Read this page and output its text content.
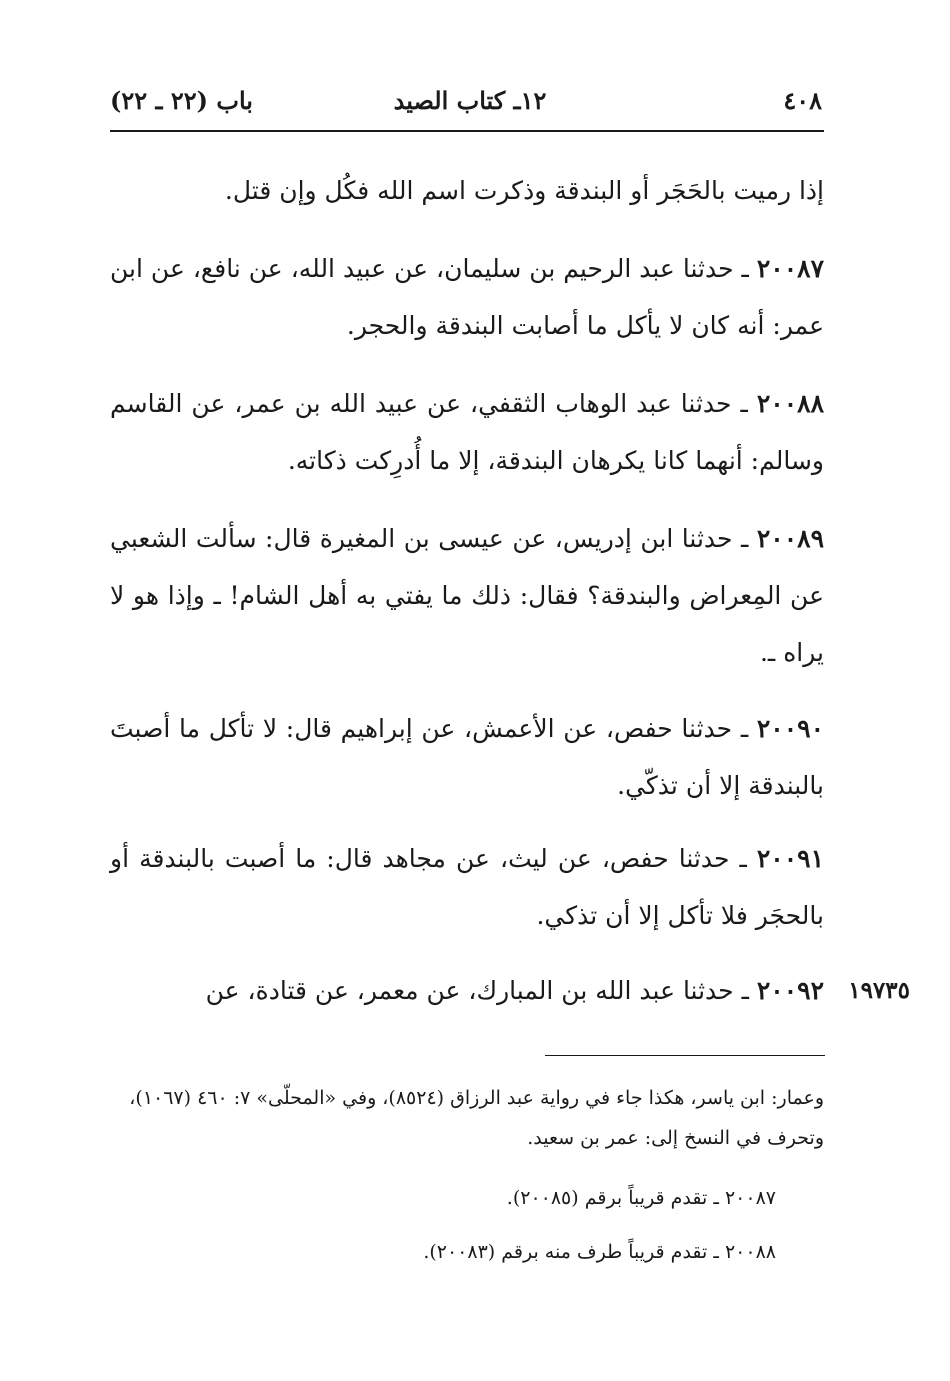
٤٠٨
١٢ـ كتاب الصيد
باب (٢٢ ـ ٢٢)
إذا رميت بالحَجَر أو البندقة وذكرت اسم الله فكُل وإن قتل.
٢٠٠٨٧ ـ حدثنا عبد الرحيم بن سليمان، عن عبيد الله، عن نافع، عن ابن عمر: أنه كان لا يأكل ما أصابت البندقة والحجر.
٢٠٠٨٨ ـ حدثنا عبد الوهاب الثقفي، عن عبيد الله بن عمر، عن القاسم وسالم: أنهما كانا يكرهان البندقة، إلا ما أُدرِكت ذكاته.
٢٠٠٨٩ ـ حدثنا ابن إدريس، عن عيسى بن المغيرة قال: سألت الشعبي عن المِعراض والبندقة؟ فقال: ذلك ما يفتي به أهل الشام! ـ وإذا هو لا يراه ـ.
٢٠٠٩٠ ـ حدثنا حفص، عن الأعمش، عن إبراهيم قال: لا تأكل ما أصبتَ بالبندقة إلا أن تذكّي.
٢٠٠٩١ ـ حدثنا حفص، عن ليث، عن مجاهد قال: ما أصبت بالبندقة أو بالحجَر فلا تأكل إلا أن تذكي.
٢٠٠٩٢ ـ حدثنا عبد الله بن المبارك، عن معمر، عن قتادة، عن	١٩٧٣٥
وعمار: ابن ياسر، هكذا جاء في رواية عبد الرزاق (٨٥٢٤)، وفي «المحلّى» ٧: ٤٦٠ (١٠٦٧)، وتحرف في النسخ إلى: عمر بن سعيد.
٢٠٠٨٧ ـ تقدم قريباً برقم (٢٠٠٨٥).
٢٠٠٨٨ ـ تقدم قريباً طرف منه برقم (٢٠٠٨٣).
